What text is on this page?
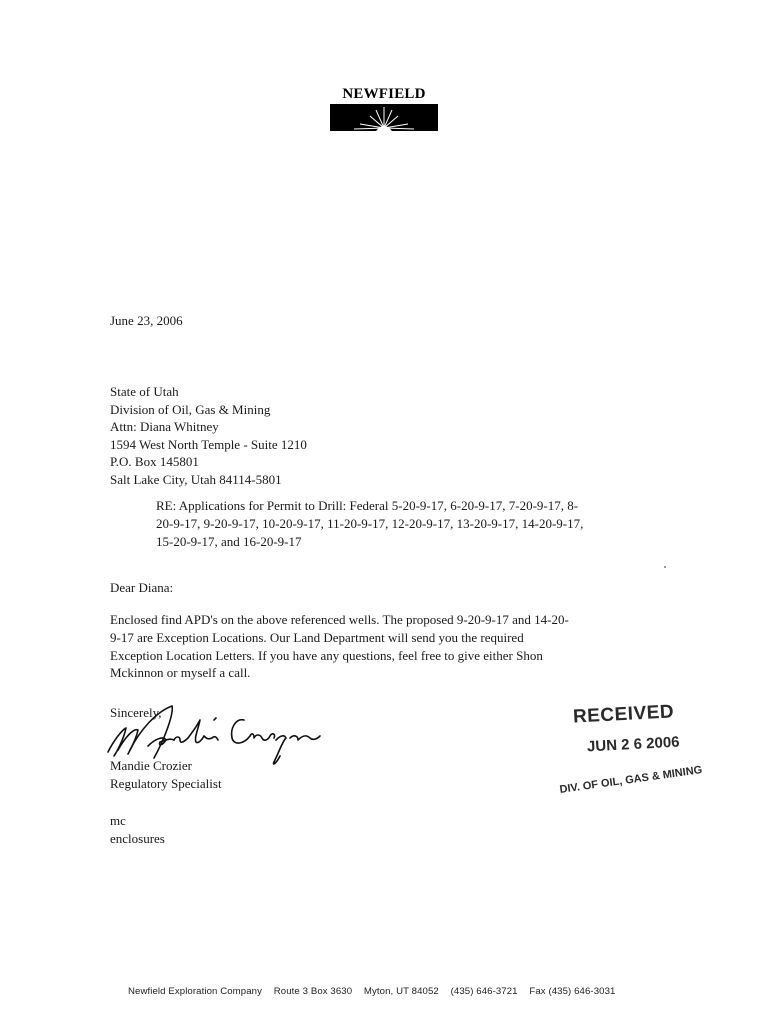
NEWFIELD
June 23, 2006
State of Utah
Division of Oil, Gas & Mining
Attn: Diana Whitney
1594 West North Temple - Suite 1210
P.O. Box 145801
Salt Lake City, Utah 84114-5801
RE: Applications for Permit to Drill: Federal 5-20-9-17, 6-20-9-17, 7-20-9-17, 8-
20-9-17, 9-20-9-17, 10-20-9-17, 11-20-9-17, 12-20-9-17, 13-20-9-17, 14-20-9-17,
15-20-9-17, and 16-20-9-17
Dear Diana:
Enclosed find APD's on the above referenced wells. The proposed 9-20-9-17 and 14-20-
9-17 are Exception Locations. Our Land Department will send you the required
Exception Location Letters. If you have any questions, feel free to give either Shon
Mckinnon or myself a call.
Sincerely,
Mandie Crozier
Regulatory Specialist
mc
enclosures
RECEIVED
JUN 2 6 2006
DIV. OF OIL, GAS & MINING
Newfield Exploration Company Route 3 Box 3630 Myton, UT 84052 (435) 646-3721 Fax (435) 646-3031
